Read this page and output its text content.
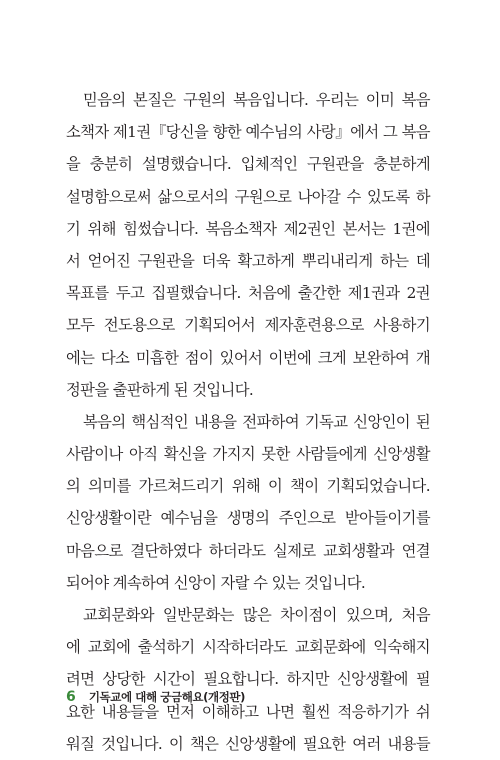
믿음의 본질은 구원의 복음입니다. 우리는 이미 복음
소책자 제1권『당신을 향한 예수님의 사랑』에서 그 복음
을 충분히 설명했습니다. 입체적인 구원관을 충분하게
설명함으로써 삶으로서의 구원으로 나아갈 수 있도록 하
기 위해 힘썼습니다. 복음소책자 제2권인 본서는 1권에
서 얻어진 구원관을 더욱 확고하게 뿌리내리게 하는 데
목표를 두고 집필했습니다. 처음에 출간한 제1권과 2권
모두 전도용으로 기획되어서 제자훈련용으로 사용하기
에는 다소 미흡한 점이 있어서 이번에 크게 보완하여 개
정판을 출판하게 된 것입니다.
복음의 핵심적인 내용을 전파하여 기독교 신앙인이 된
사람이나 아직 확신을 가지지 못한 사람들에게 신앙생활
의 의미를 가르쳐드리기 위해 이 책이 기획되었습니다.
신앙생활이란 예수님을 생명의 주인으로 받아들이기를
마음으로 결단하였다 하더라도 실제로 교회생활과 연결
되어야 계속하여 신앙이 자랄 수 있는 것입니다.
교회문화와 일반문화는 많은 차이점이 있으며, 처음
에 교회에 출석하기 시작하더라도 교회문화에 익숙해지
려면 상당한 시간이 필요합니다. 하지만 신앙생활에 필
요한 내용들을 먼저 이해하고 나면 훨씬 적응하기가 쉬
워질 것입니다. 이 책은 신앙생활에 필요한 여러 내용들
6 기독교에 대해 궁금해요(개정판)
